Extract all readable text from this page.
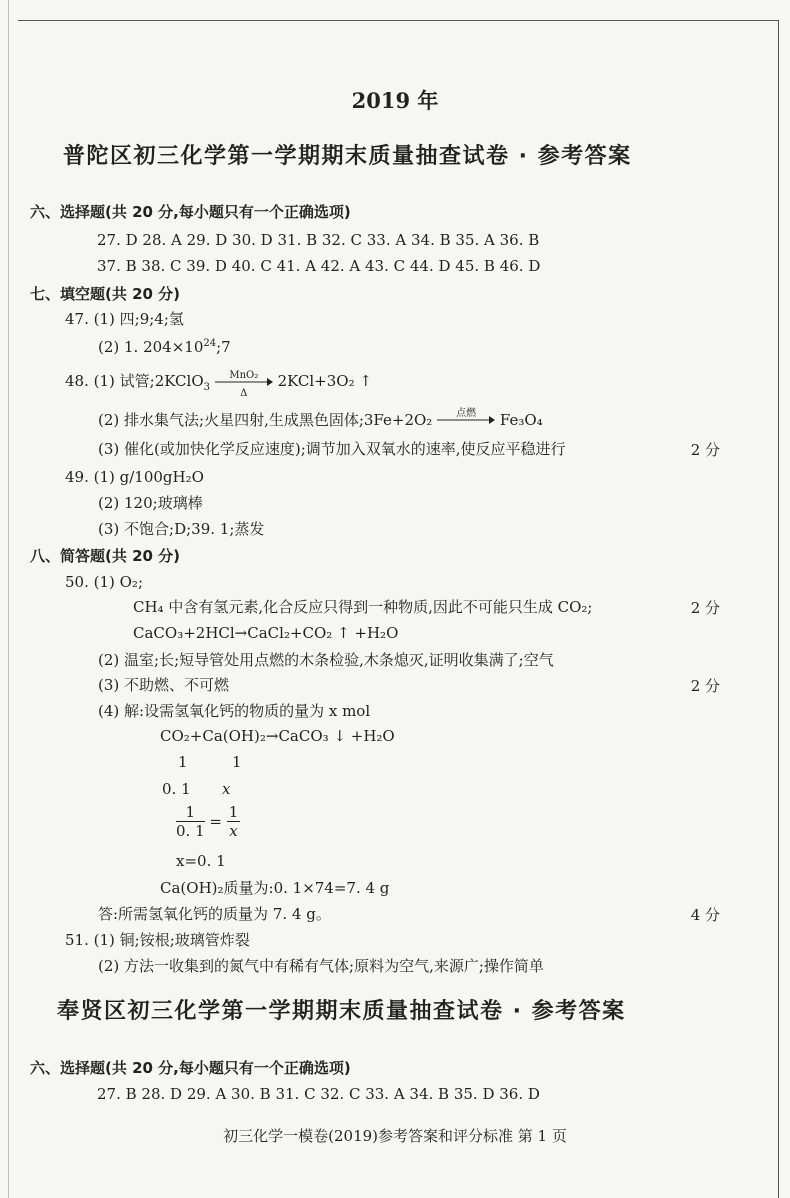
2019 年
普陀区初三化学第一学期期末质量抽查试卷 · 参考答案
六、选择题(共 20 分,每小题只有一个正确选项)
27. D 28. A 29. D 30. D 31. B 32. C 33. A 34. B 35. A 36. B
37. B 38. C 39. D 40. C 41. A 42. A 43. C 44. D 45. B 46. D
七、填空题(共 20 分)
47. (1) 四;9;4;氢
(2) 1. $204\times 10^{24};7$
48. (1) 试管;2KClO$_3$
MnO₂
Δ
2KCl+3O₂ ↑
(2) 排水集气法;火星四射,生成黑色固体;3Fe+2O₂	点燃	Fe₃O₄
(3) 催化(或加快化学反应速度);调节加入双氧水的速率,使反应平稳进行	2 分
49. (1) g/100gH₂O
(2) 120;玻璃棒
(3) 不饱合;D;39. 1;蒸发
八、简答题(共 20 分)
50. (1) O₂;
CH₄ 中含有氢元素,化合反应只得到一种物质,因此不可能只生成 CO₂;	2 分
CaCO₃+2HCl→CaCl₂+CO₂ ↑ +H₂O
(2) 温室;长;短导管处用点燃的木条检验,木条熄灭,证明收集满了;空气
(3) 不助燃、不可燃	2 分
(4) 解:设需氢氧化钙的物质的量为 x mol
CO₂+Ca(OH)₂→CaCO₃ ↓ +H₂O
1	1
0. 1 x
$\frac{1}{0. 1} = \frac{1}{x}$
x=0. 1
Ca(OH)₂质量为:0. 1×74=7. 4 g
答:所需氢氧化钙的质量为 7. 4 g。	4 分
51. (1) 铜;铵根;玻璃管炸裂
(2) 方法一收集到的氮气中有稀有气体;原料为空气,来源广;操作简单
奉贤区初三化学第一学期期末质量抽查试卷 · 参考答案
六、选择题(共 20 分,每小题只有一个正确选项)
27. B 28. D 29. A 30. B 31. C 32. C 33. A 34. B 35. D 36. D
初三化学一模卷(2019)参考答案和评分标准 第 1 页
